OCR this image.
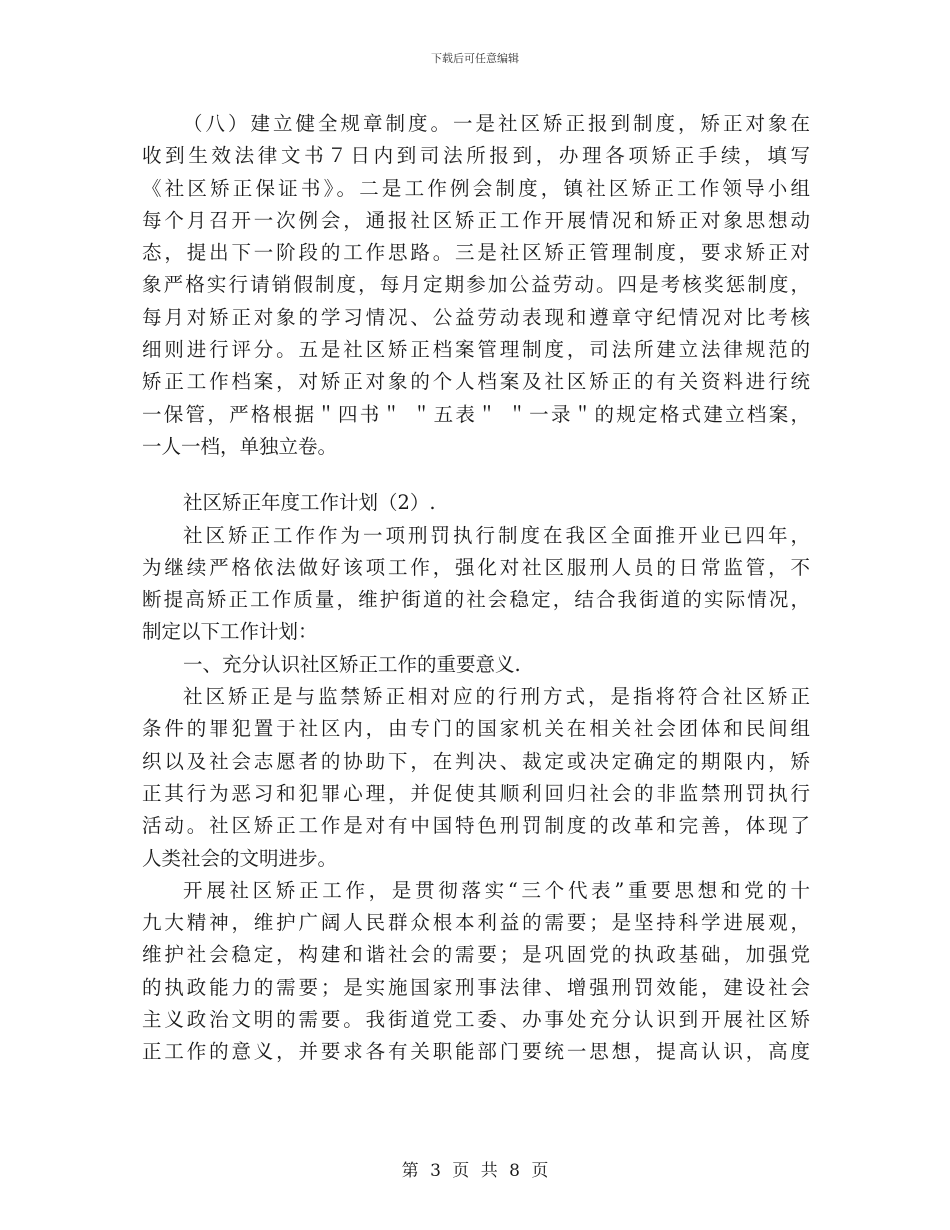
下载后可任意编辑
（八）建立健全规章制度。一是社区矫正报到制度，矫正对象在
收到生效法律文书７日内到司法所报到，办理各项矫正手续，填写
《社区矫正保证书》。二是工作例会制度，镇社区矫正工作领导小组
每个月召开一次例会，通报社区矫正工作开展情况和矫正对象思想动
态，提出下一阶段的工作思路。三是社区矫正管理制度，要求矫正对
象严格实行请销假制度，每月定期参加公益劳动。四是考核奖惩制度，
每月对矫正对象的学习情况、公益劳动表现和遵章守纪情况对比考核
细则进行评分。五是社区矫正档案管理制度，司法所建立法律规范的
矫正工作档案，对矫正对象的个人档案及社区矫正的有关资料进行统
一保管，严格根据＂四书＂ ＂五表＂ ＂一录＂的规定格式建立档案，
一人一档，单独立卷。
社区矫正年度工作计划（2）.
社区矫正工作作为一项刑罚执行制度在我区全面推开业已四年，
为继续严格依法做好该项工作，强化对社区服刑人员的日常监管，不
断提高矫正工作质量，维护街道的社会稳定，结合我街道的实际情况，
制定以下工作计划：
一、充分认识社区矫正工作的重要意义.
社区矫正是与监禁矫正相对应的行刑方式，是指将符合社区矫正
条件的罪犯置于社区内，由专门的国家机关在相关社会团体和民间组
织以及社会志愿者的协助下，在判决、裁定或决定确定的期限内，矫
正其行为恶习和犯罪心理，并促使其顺利回归社会的非监禁刑罚执行
活动。社区矫正工作是对有中国特色刑罚制度的改革和完善，体现了
人类社会的文明进步。
开展社区矫正工作，是贯彻落实“三个代表”重要思想和党的十
九大精神，维护广阔人民群众根本利益的需要；是坚持科学进展观，
维护社会稳定，构建和谐社会的需要；是巩固党的执政基础，加强党
的执政能力的需要；是实施国家刑事法律、增强刑罚效能，建设社会
主义政治文明的需要。我街道党工委、办事处充分认识到开展社区矫
正工作的意义，并要求各有关职能部门要统一思想，提高认识，高度
第 3 页 共 8 页
